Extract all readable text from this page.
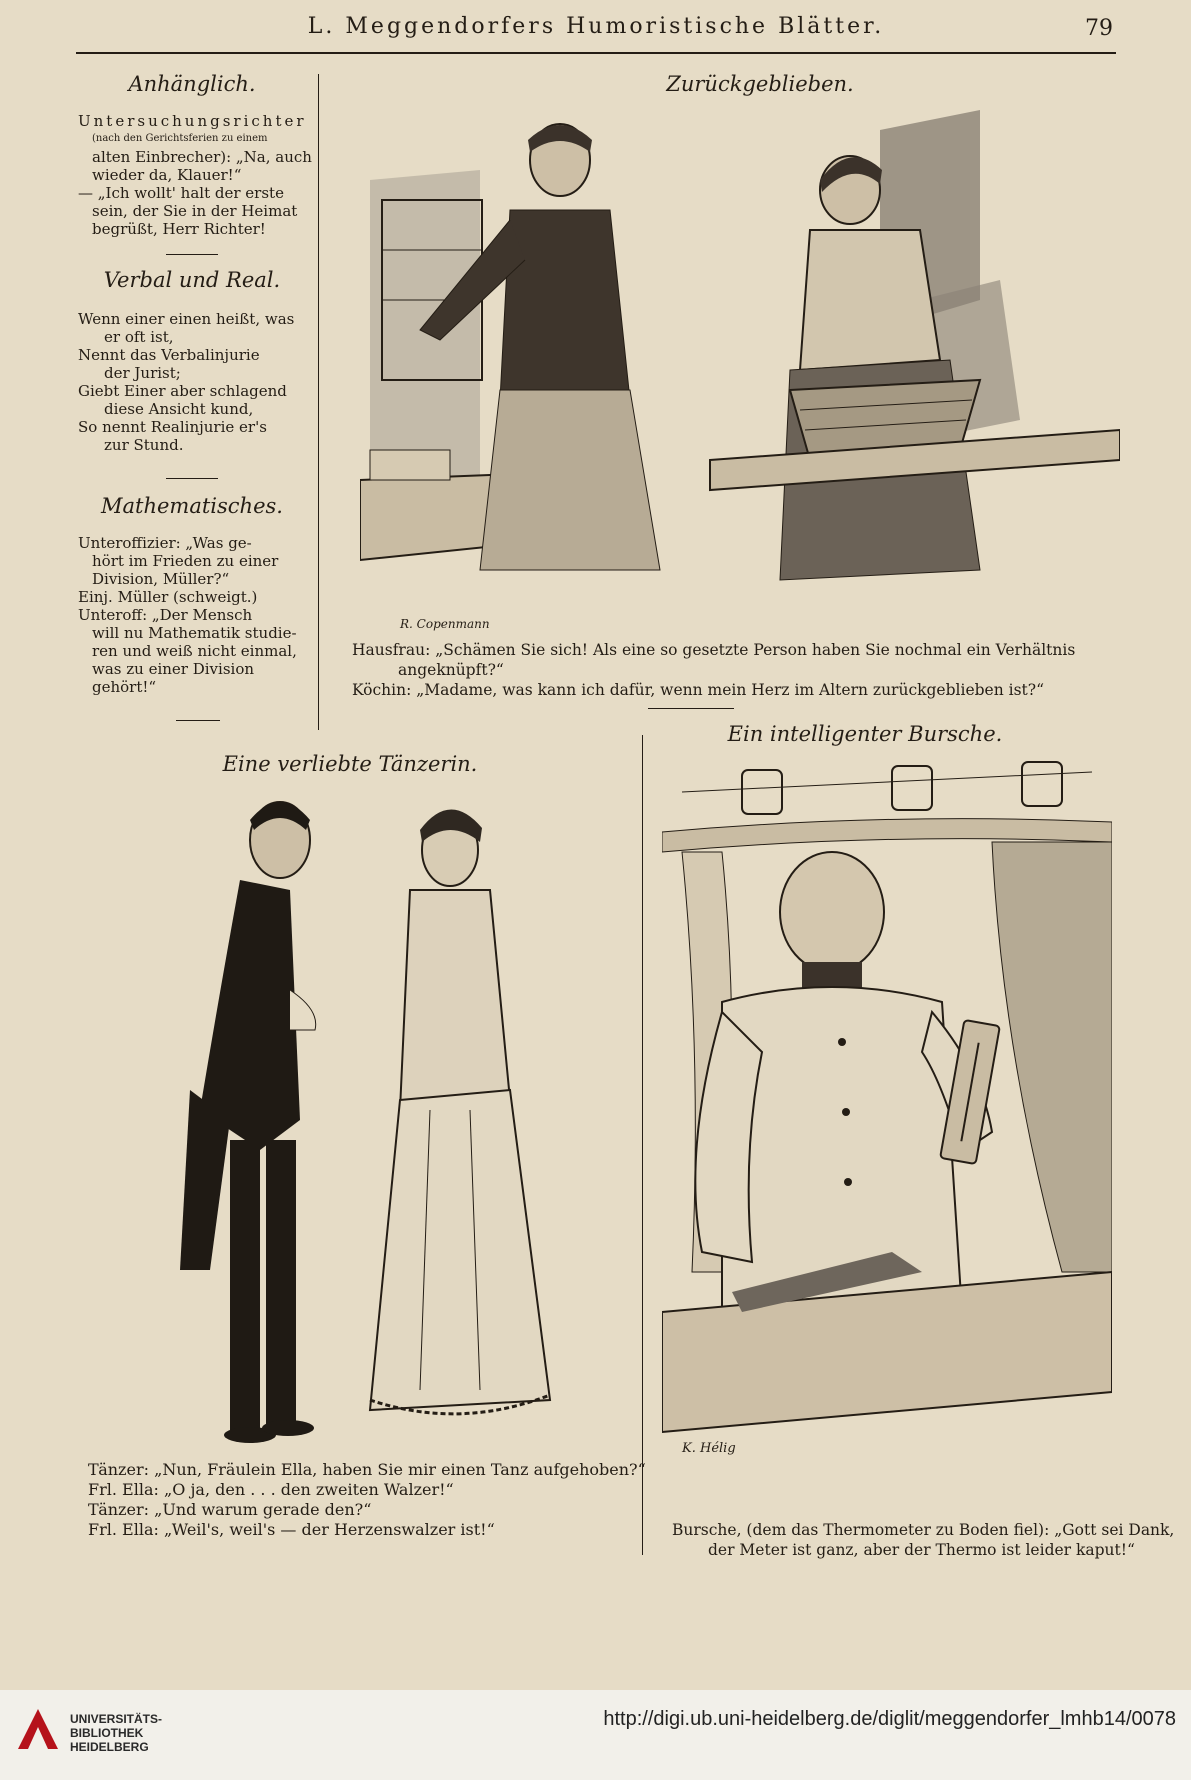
L. Meggendorfers Humoristische Blätter.	79
Anhänglich.
Untersuchungsrichter
(nach den Gerichtsferien zu einem
alten Einbrecher): „Na, auch
wieder da, Klauer!“
— „Ich wollt' halt der erste
sein, der Sie in der Heimat
begrüßt, Herr Richter!
Verbal und Real.
Wenn einer einen heißt, was
er oft ist,
Nennt das Verbalinjurie
der Jurist;
Giebt Einer aber schlagend
diese Ansicht kund,
So nennt Realinjurie er's
zur Stund.
Mathematisches.
Unteroffizier: „Was ge-
hört im Frieden zu einer
Division, Müller?“
Einj. Müller (schweigt.)
Unteroff: „Der Mensch
will nu Mathematik studie-
ren und weiß nicht einmal,
was zu einer Division
gehört!“
Zurückgeblieben.
R. Copenmann
Hausfrau: „Schämen Sie sich! Als eine so gesetzte Person haben Sie nochmal ein Verhältnis
angeknüpft?“
Köchin: „Madame, was kann ich dafür, wenn mein Herz im Altern zurückgeblieben ist?“
Eine verliebte Tänzerin.
Tänzer: „Nun, Fräulein Ella, haben Sie mir einen Tanz aufgehoben?“
Frl. Ella: „O ja, den . . . den zweiten Walzer!“
Tänzer: „Und warum gerade den?“
Frl. Ella: „Weil's, weil's — der Herzenswalzer ist!“
Ein intelligenter Bursche.
K. Hélig
Bursche, (dem das Thermometer zu Boden fiel): „Gott sei Dank,
der Meter ist ganz, aber der Thermo ist leider kaput!“
UNIVERSITÄTS-
BIBLIOTHEK
HEIDELBERG
http://digi.ub.uni-heidelberg.de/diglit/meggendorfer_lmhb14/0078
